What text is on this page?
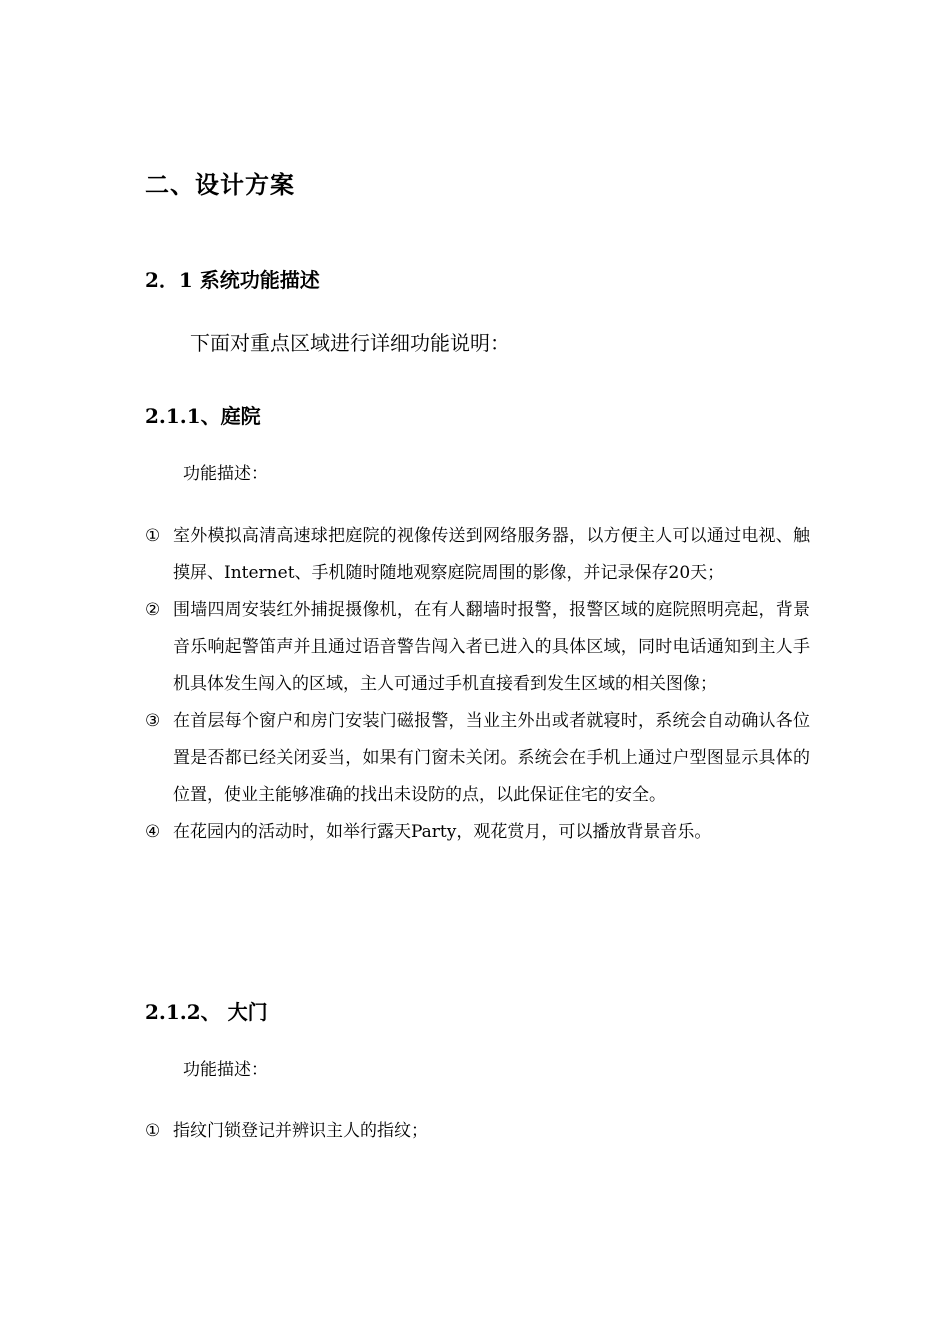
二、设计方案
2．1 系统功能描述
下面对重点区域进行详细功能说明：
2.1.1、庭院
功能描述：
① 室外模拟高清高速球把庭院的视像传送到网络服务器，以方便主人可以通过电视、触摸屏、Internet、手机随时随地观察庭院周围的影像，并记录保存20天；
② 围墙四周安装红外捕捉摄像机，在有人翻墙时报警，报警区域的庭院照明亮起，背景音乐响起警笛声并且通过语音警告闯入者已进入的具体区域，同时电话通知到主人手机具体发生闯入的区域，主人可通过手机直接看到发生区域的相关图像；
③ 在首层每个窗户和房门安装门磁报警，当业主外出或者就寝时，系统会自动确认各位置是否都已经关闭妥当，如果有门窗未关闭。系统会在手机上通过户型图显示具体的位置，使业主能够准确的找出未设防的点，以此保证住宅的安全。
④ 在花园内的活动时，如举行露天Party，观花赏月，可以播放背景音乐。
2.1.2、 大门
功能描述：
① 指纹门锁登记并辨识主人的指纹；
